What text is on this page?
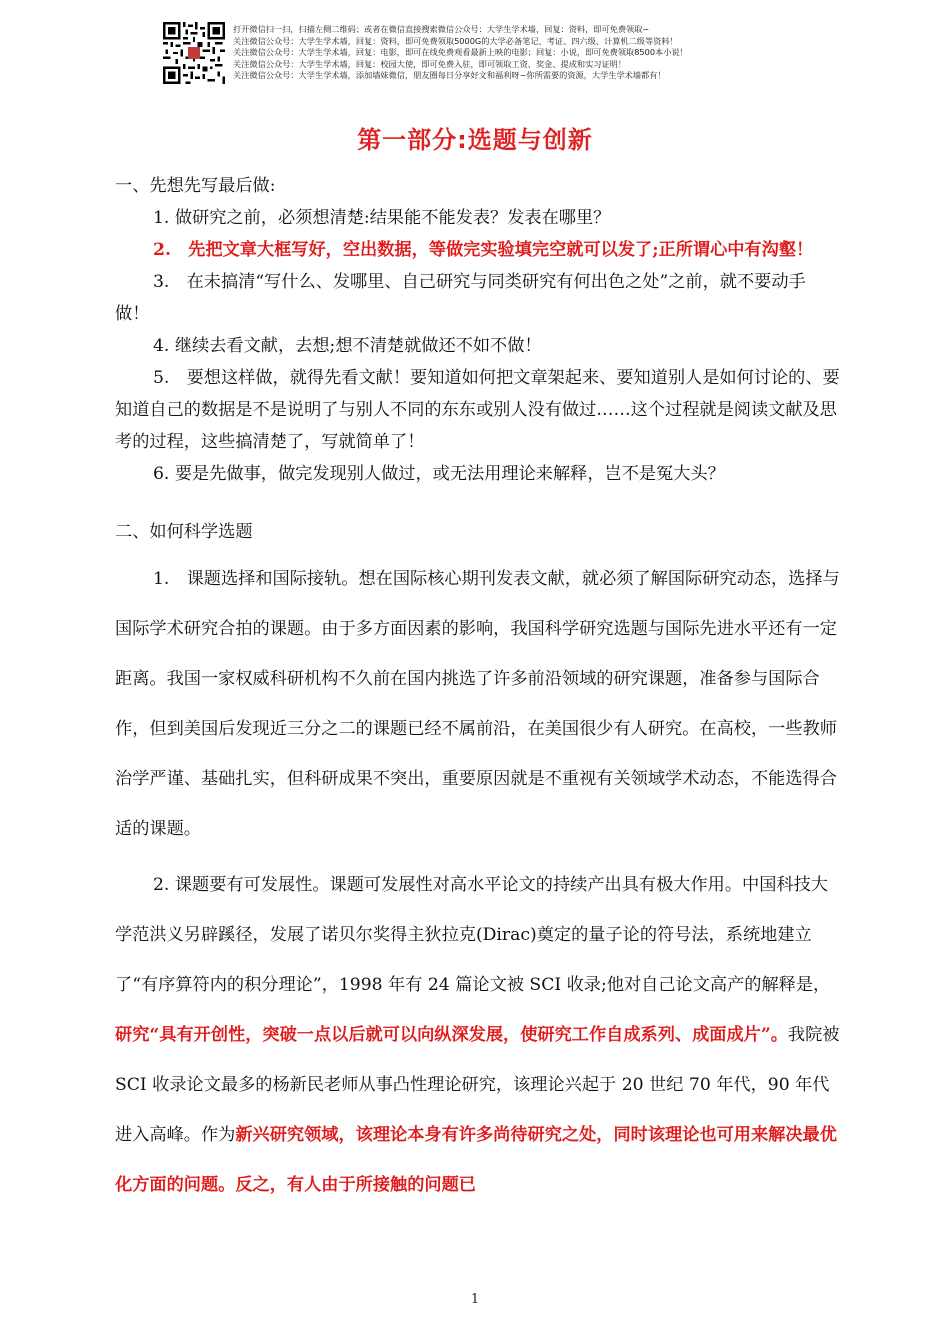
打开微信扫一扫，扫描左侧二维码；或者在微信直接搜索微信公众号：大学生学术墙，回复：资料，即可免费领取~
关注微信公众号：大学生学术墙，回复：资料，即可免费领取5000G的大学必备笔记、考证、四六级、计算机二级等资料！
关注微信公众号：大学生学术墙，回复：电影，即可在线免费观看最新上映的电影；回复：小说，即可免费领取8500本小说！
关注微信公众号：大学生学术墙，回复：校园大使，即可免费入驻，即可领取工资、奖金、提成和实习证明！
关注微信公众号：大学生学术墙，添加墙妹微信，朋友圈每日分享好文和福利呀~你所需要的资源，大学生学术墙都有！
第一部分:选题与创新

一、先想先写最后做:

1. 做研究之前，必须想清楚:结果能不能发表？发表在哪里？

2.　先把文章大框写好，空出数据，等做完实验填完空就可以发了;正所谓心中有沟壑！

3.　在未搞清“写什么、发哪里、自己研究与同类研究有何出色之处”之前，就不要动手做！

4. 继续去看文献，去想;想不清楚就做还不如不做！

5.　要想这样做，就得先看文献！要知道如何把文章架起来、要知道别人是如何讨论的、要知道自己的数据是不是说明了与别人不同的东东或别人没有做过……这个过程就是阅读文献及思考的过程，这些搞清楚了，写就简单了！

6. 要是先做事，做完发现别人做过，或无法用理论来解释，岂不是冤大头？

二、如何科学选题

1.　课题选择和国际接轨。想在国际核心期刊发表文献，就必须了解国际研究动态，选择与国际学术研究合拍的课题。由于多方面因素的影响，我国科学研究选题与国际先进水平还有一定距离。我国一家权威科研机构不久前在国内挑选了许多前沿领域的研究课题，准备参与国际合作，但到美国后发现近三分之二的课题已经不属前沿，在美国很少有人研究。在高校，一些教师治学严谨、基础扎实，但科研成果不突出，重要原因就是不重视有关领域学术动态，不能选得合适的课题。

2. 课题要有可发展性。课题可发展性对高水平论文的持续产出具有极大作用。中国科技大学范洪义另辟蹊径，发展了诺贝尔奖得主狄拉克(Dirac)奠定的量子论的符号法，系统地建立了“有序算符内的积分理论”，1998 年有 24 篇论文被 SCI 收录;他对自己论文高产的解释是，研究“具有开创性，突破一点以后就可以向纵深发展，使研究工作自成系列、成面成片”。我院被 SCI 收录论文最多的杨新民老师从事凸性理论研究，该理论兴起于 20 世纪 70 年代，90 年代进入高峰。作为新兴研究领域，该理论本身有许多尚待研究之处，同时该理论也可用来解决最优化方面的问题。反之，有人由于所接触的问题已

1
